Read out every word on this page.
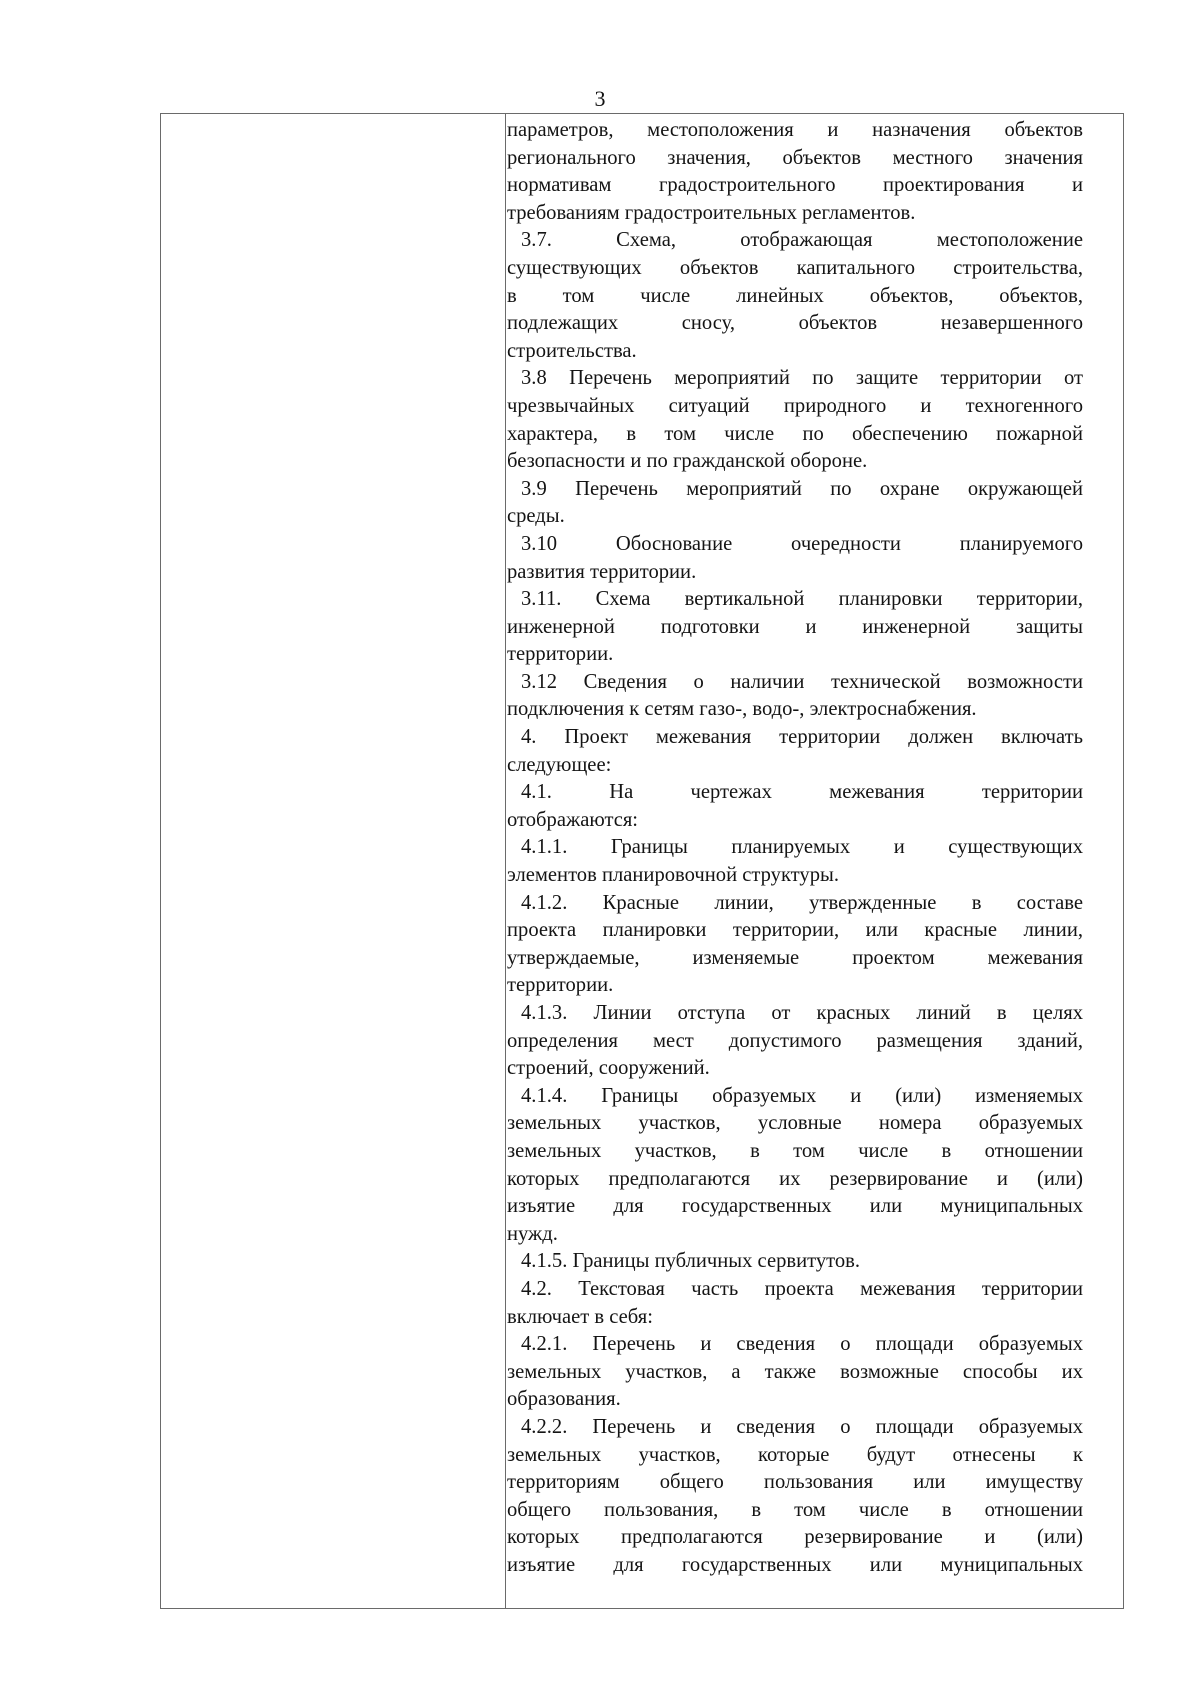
3
параметров, местоположения и назначения объектов
регионального значения, объектов местного значения
нормативам градостроительного проектирования и
требованиям градостроительных регламентов.
3.7. Схема, отображающая местоположение
существующих объектов капитального строительства,
в том числе линейных объектов, объектов,
подлежащих сносу, объектов незавершенного
строительства.
3.8 Перечень мероприятий по защите территории от
чрезвычайных ситуаций природного и техногенного
характера, в том числе по обеспечению пожарной
безопасности и по гражданской обороне.
3.9 Перечень мероприятий по охране окружающей
среды.
3.10 Обоснование очередности планируемого
развития территории.
3.11. Схема вертикальной планировки территории,
инженерной подготовки и инженерной защиты
территории.
3.12 Сведения о наличии технической возможности
подключения к сетям газо-, водо-, электроснабжения.
4. Проект межевания территории должен включать
следующее:
4.1. На чертежах межевания территории
отображаются:
4.1.1. Границы планируемых и существующих
элементов планировочной структуры.
4.1.2. Красные линии, утвержденные в составе
проекта планировки территории, или красные линии,
утверждаемые, изменяемые проектом межевания
территории.
4.1.3. Линии отступа от красных линий в целях
определения мест допустимого размещения зданий,
строений, сооружений.
4.1.4. Границы образуемых и (или) изменяемых
земельных участков, условные номера образуемых
земельных участков, в том числе в отношении
которых предполагаются их резервирование и (или)
изъятие для государственных или муниципальных
нужд.
4.1.5. Границы публичных сервитутов.
4.2. Текстовая часть проекта межевания территории
включает в себя:
4.2.1. Перечень и сведения о площади образуемых
земельных участков, а также возможные способы их
образования.
4.2.2. Перечень и сведения о площади образуемых
земельных участков, которые будут отнесены к
территориям общего пользования или имуществу
общего пользования, в том числе в отношении
которых предполагаются резервирование и (или)
изъятие для государственных или муниципальных
